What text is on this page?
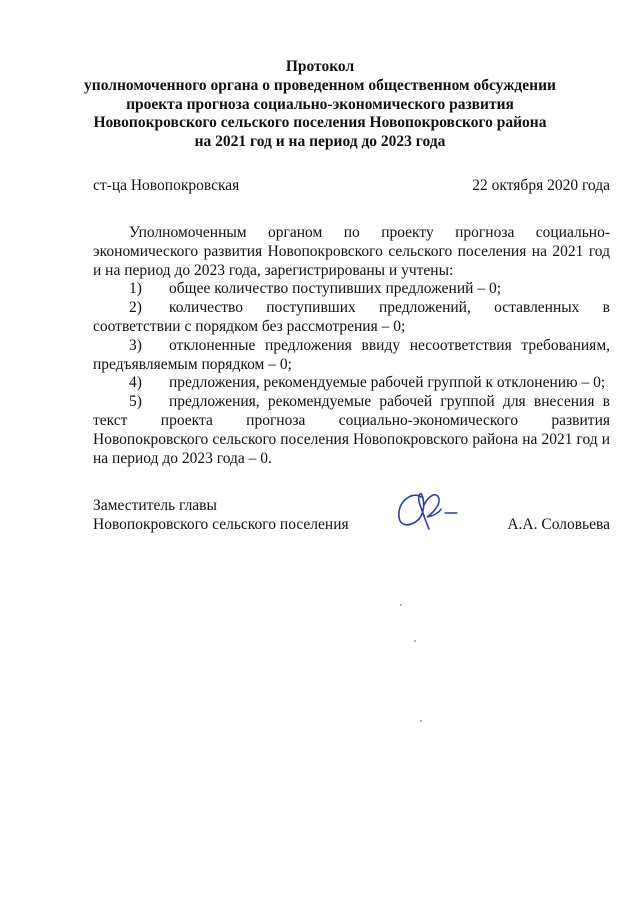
Протокол
уполномоченного органа о проведенном общественном обсуждении
проекта прогноза социально-экономического развития
Новопокровского сельского поселения Новопокровского района
на 2021 год и на период до 2023 года
ст-ца Новопокровская	22 октября 2020 года

Уполномоченным органом по проекту прогноза социально-экономического развития Новопокровского сельского поселения на 2021 год и на период до 2023 года, зарегистрированы и учтены:

1) общее количество поступивших предложений – 0;

2) количество поступивших предложений, оставленных в соответствии с порядком без рассмотрения – 0;

3) отклоненные предложения ввиду несоответствия требованиям, предъявляемым порядком – 0;

4) предложения, рекомендуемые рабочей группой к отклонению – 0;

5) предложения, рекомендуемые рабочей группой для внесения в текст проекта прогноза социально-экономического развития Новопокровского сельского поселения Новопокровского района на 2021 год и на период до 2023 года – 0.

Заместитель главы
Новопокровского сельского поселения	А.А. Соловьева
